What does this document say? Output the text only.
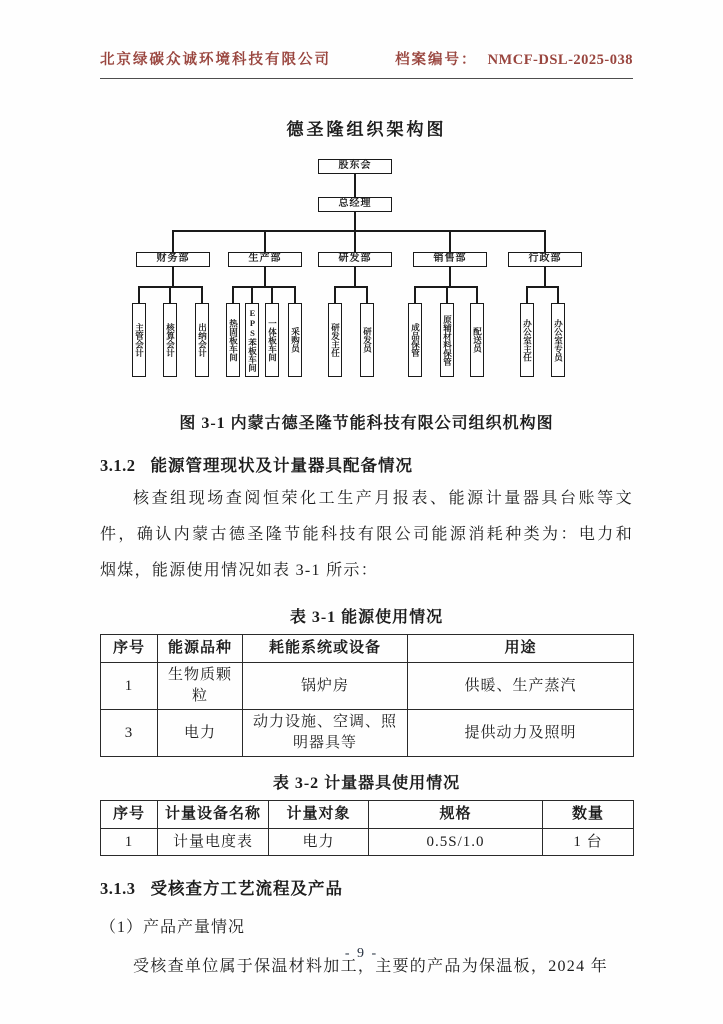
北京绿碳众诚环境科技有限公司	档案编号： NMCF-DSL-2025-038
德圣隆组织架构图
股东会
总经理
财务部	生产部	研发部	销售部	行政部
主管会计 核算会计	出纳会计 热固板车间 EPS苯板车间 一体板车间 采购员	研发主任	研发员	成品保管	原辅材料保管 配送员	办公室主任 办公室专员

图 3-1 内蒙古德圣隆节能科技有限公司组织机构图

3.1.2 能源管理现状及计量器具配备情况
核查组现场查阅恒荣化工生产月报表、能源计量器具台账等文
件，确认内蒙古德圣隆节能科技有限公司能源消耗种类为：电力和
烟煤，能源使用情况如表 3-1 所示：

表 3-1 能源使用情况

序号	能源品种	耗能系统或设备	用途
1	生物质颗粒	锅炉房	供暖、生产蒸汽
3	电力	动力设施、空调、照明器具等	提供动力及照明

表 3-2 计量器具使用情况

序号	计量设备名称	计量对象	规格	数量
1	计量电度表	电力	0.5S/1.0	1 台
3.1.3 受核查方工艺流程及产品

（1）产品产量情况

受核查单位属于保温材料加工，主要的产品为保温板，2024 年
- 9 -
